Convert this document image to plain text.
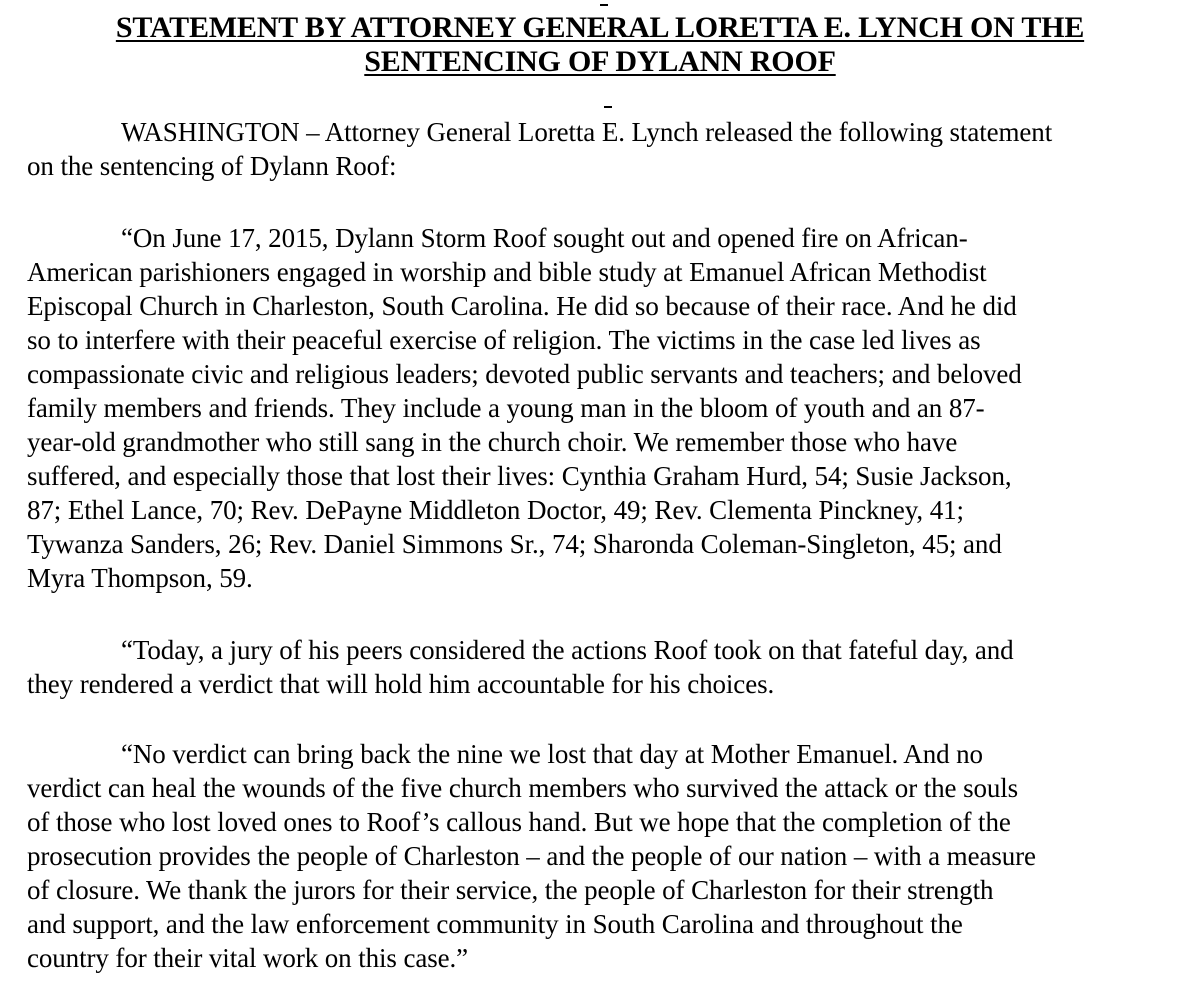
STATEMENT BY ATTORNEY GENERAL LORETTA E. LYNCH ON THE
SENTENCING OF DYLANN ROOF
WASHINGTON – Attorney General Loretta E. Lynch released the following statement
on the sentencing of Dylann Roof:
“On June 17, 2015, Dylann Storm Roof sought out and opened fire on African-
American parishioners engaged in worship and bible study at Emanuel African Methodist
Episcopal Church in Charleston, South Carolina. He did so because of their race. And he did
so to interfere with their peaceful exercise of religion. The victims in the case led lives as
compassionate civic and religious leaders; devoted public servants and teachers; and beloved
family members and friends. They include a young man in the bloom of youth and an 87-
year-old grandmother who still sang in the church choir. We remember those who have
suffered, and especially those that lost their lives: Cynthia Graham Hurd, 54; Susie Jackson,
87; Ethel Lance, 70; Rev. DePayne Middleton Doctor, 49; Rev. Clementa Pinckney, 41;
Tywanza Sanders, 26; Rev. Daniel Simmons Sr., 74; Sharonda Coleman-Singleton, 45; and
Myra Thompson, 59.
“Today, a jury of his peers considered the actions Roof took on that fateful day, and
they rendered a verdict that will hold him accountable for his choices.
“No verdict can bring back the nine we lost that day at Mother Emanuel. And no
verdict can heal the wounds of the five church members who survived the attack or the souls
of those who lost loved ones to Roof’s callous hand. But we hope that the completion of the
prosecution provides the people of Charleston – and the people of our nation – with a measure
of closure. We thank the jurors for their service, the people of Charleston for their strength
and support, and the law enforcement community in South Carolina and throughout the
country for their vital work on this case.”
